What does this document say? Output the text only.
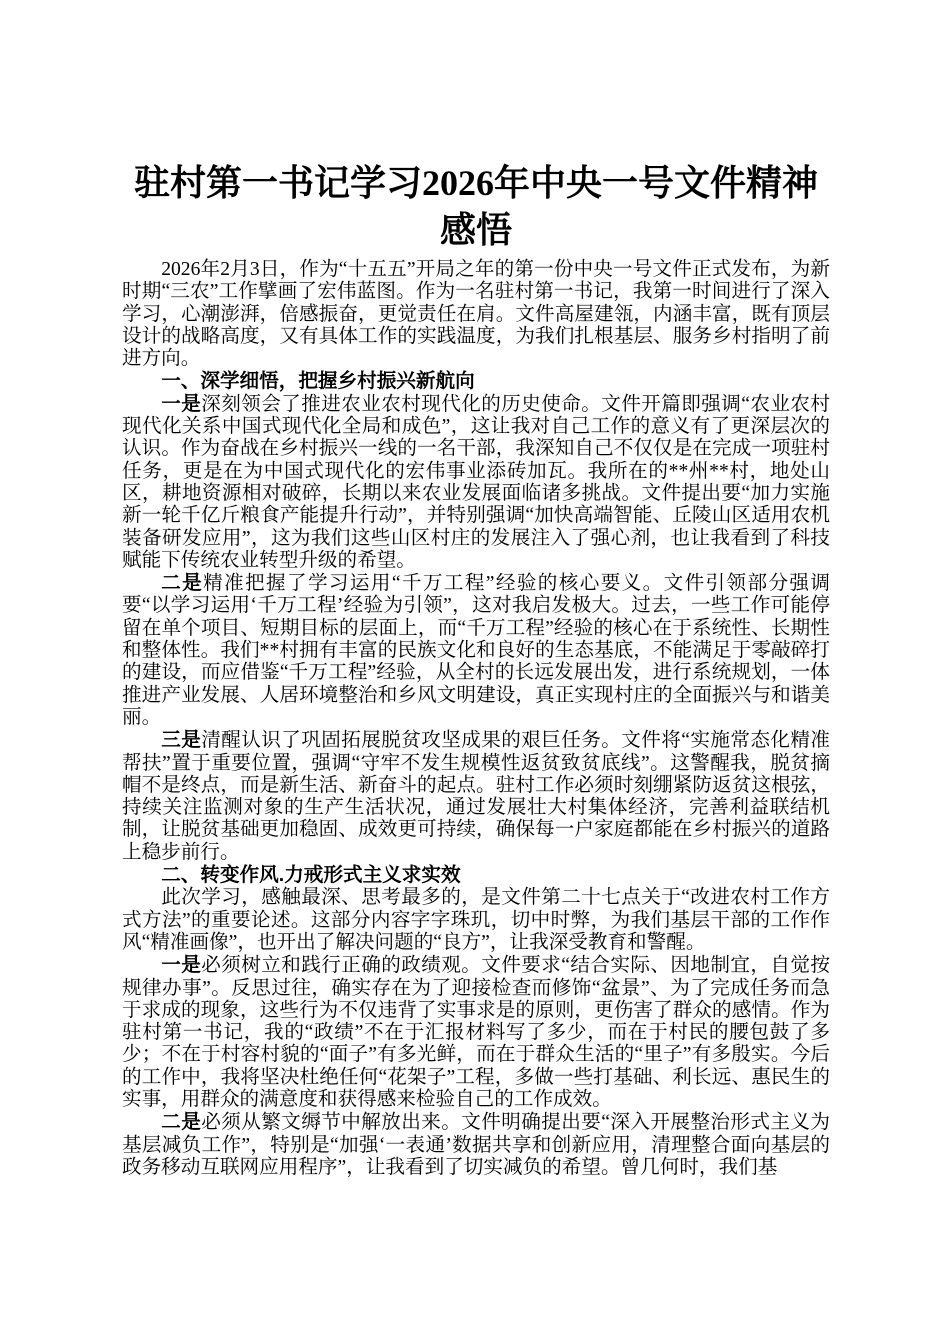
驻村第一书记学习2026年中央一号文件精神感悟

2026年2月3日，作为“十五五”开局之年的第一份中央一号文件正式发布，为新时期“三农”工作擘画了宏伟蓝图。作为一名驻村第一书记，我第一时间进行了深入学习，心潮澎湃，倍感振奋，更觉责任在肩。文件高屋建瓴，内涵丰富，既有顶层设计的战略高度，又有具体工作的实践温度，为我们扎根基层、服务乡村指明了前进方向。

一、深学细悟，把握乡村振兴新航向

一是深刻领会了推进农业农村现代化的历史使命。文件开篇即强调“农业农村现代化关系中国式现代化全局和成色”，这让我对自己工作的意义有了更深层次的认识。作为奋战在乡村振兴一线的一名干部，我深知自己不仅仅是在完成一项驻村任务，更是在为中国式现代化的宏伟事业添砖加瓦。我所在的**州**村，地处山区，耕地资源相对破碎，长期以来农业发展面临诸多挑战。文件提出要“加力实施新一轮千亿斤粮食产能提升行动”，并特别强调“加快高端智能、丘陵山区适用农机装备研发应用”，这为我们这些山区村庄的发展注入了强心剂，也让我看到了科技赋能下传统农业转型升级的希望。

二是精准把握了学习运用“千万工程”经验的核心要义。文件引领部分强调要“以学习运用‘千万工程’经验为引领”，这对我启发极大。过去，一些工作可能停留在单个项目、短期目标的层面上，而“千万工程”经验的核心在于系统性、长期性和整体性。我们**村拥有丰富的民族文化和良好的生态基底，不能满足于零敲碎打的建设，而应借鉴“千万工程”经验，从全村的长远发展出发，进行系统规划，一体推进产业发展、人居环境整治和乡风文明建设，真正实现村庄的全面振兴与和谐美丽。

三是清醒认识了巩固拓展脱贫攻坚成果的艰巨任务。文件将“实施常态化精准帮扶”置于重要位置，强调“守牢不发生规模性返贫致贫底线”。这警醒我，脱贫摘帽不是终点，而是新生活、新奋斗的起点。驻村工作必须时刻绷紧防返贫这根弦，持续关注监测对象的生产生活状况，通过发展壮大村集体经济，完善利益联结机制，让脱贫基础更加稳固、成效更可持续，确保每一户家庭都能在乡村振兴的道路上稳步前行。

二、转变作风.力戒形式主义求实效

此次学习，感触最深、思考最多的，是文件第二十七点关于“改进农村工作方式方法”的重要论述。这部分内容字字珠玑，切中时弊，为我们基层干部的工作作风“精准画像”，也开出了解决问题的“良方”，让我深受教育和警醒。

一是必须树立和践行正确的政绩观。文件要求“结合实际、因地制宜，自觉按规律办事”。反思过往，确实存在为了迎接检查而修饰“盆景”、为了完成任务而急于求成的现象，这些行为不仅违背了实事求是的原则，更伤害了群众的感情。作为驻村第一书记，我的“政绩”不在于汇报材料写了多少，而在于村民的腰包鼓了多少；不在于村容村貌的“面子”有多光鲜，而在于群众生活的“里子”有多殷实。今后的工作中，我将坚决杜绝任何“花架子”工程，多做一些打基础、利长远、惠民生的实事，用群众的满意度和获得感来检验自己的工作成效。

二是必须从繁文缛节中解放出来。文件明确提出要“深入开展整治形式主义为基层减负工作”，特别是“加强‘一表通’数据共享和创新应用，清理整合面向基层的政务移动互联网应用程序”，让我看到了切实减负的希望。曾几何时，我们基
